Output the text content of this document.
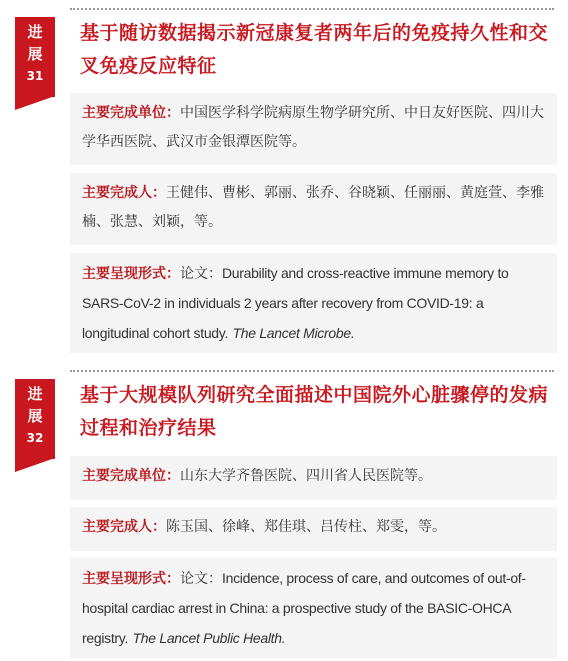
进
展
31
基于随访数据揭示新冠康复者两年后的免疫持久性和交叉免疫反应特征
主要完成单位：中国医学科学院病原生物学研究所、中日友好医院、四川大学华西医院、武汉市金银潭医院等。
主要完成人：王健伟、曹彬、郭丽、张乔、谷晓颖、任丽丽、黄庭萱、李雅楠、张慧、刘颖，等。
主要呈现形式：论文：Durability and cross-reactive immune memory to SARS-CoV-2 in individuals 2 years after recovery from COVID-19: a longitudinal cohort study. The Lancet Microbe.
进
展
32
基于大规模队列研究全面描述中国院外心脏骤停的发病过程和治疗结果
主要完成单位：山东大学齐鲁医院、四川省人民医院等。
主要完成人：陈玉国、徐峰、郑佳琪、吕传柱、郑雯，等。
主要呈现形式：论文：Incidence, process of care, and outcomes of out-of-hospital cardiac arrest in China: a prospective study of the BASIC-OHCA registry. The Lancet Public Health.
